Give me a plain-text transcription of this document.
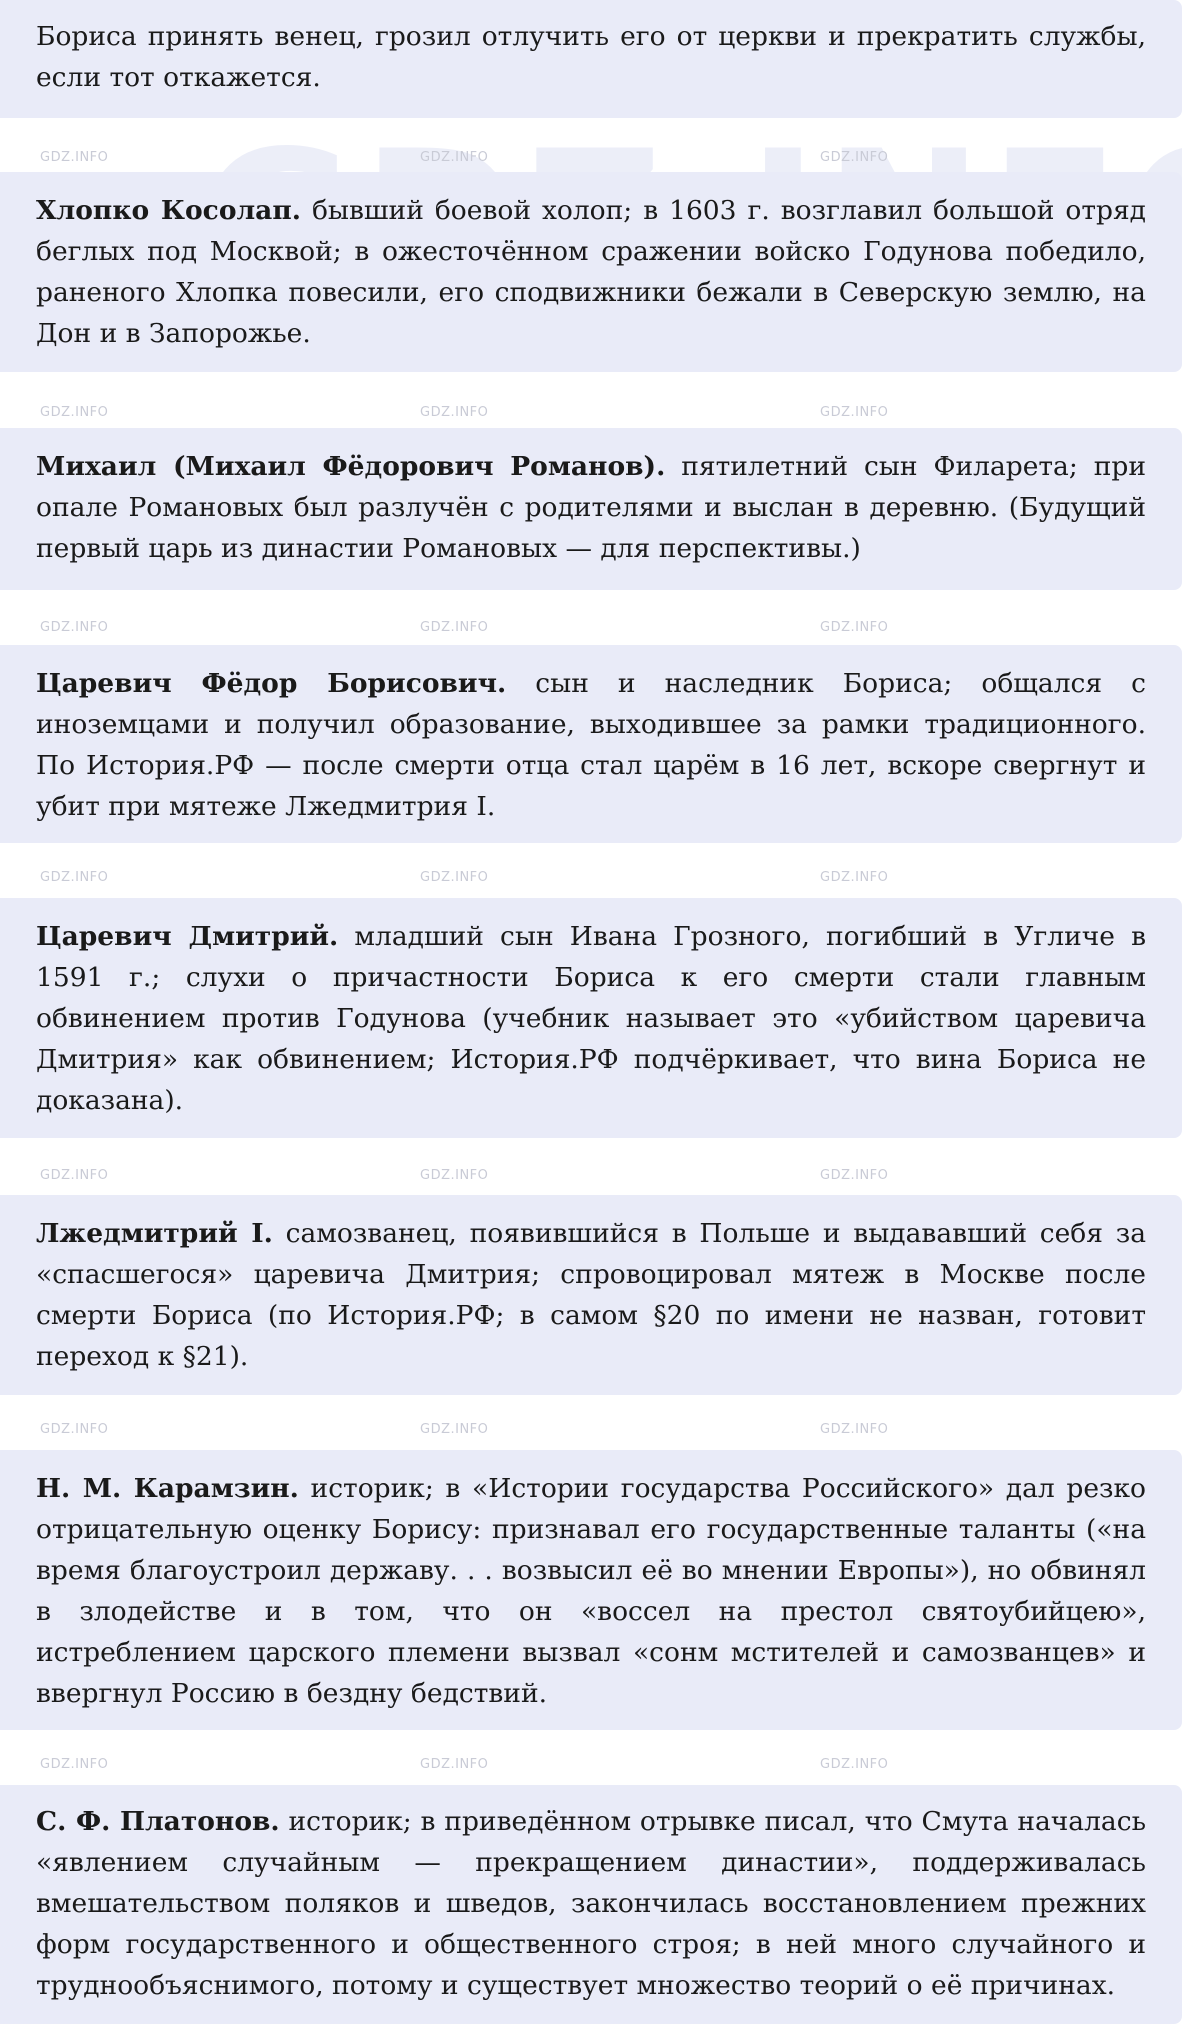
Бориса принять венец, грозил отлучить его от церкви и прекратить службы, если тот откажется.

Хлопко Косолап. бывший боевой холоп; в 1603 г. возглавил большой отряд беглых под Москвой; в ожесточённом сражении войско Годунова победило, раненого Хлопка повесили, его сподвижники бежали в Северскую землю, на Дон и в Запорожье.

Михаил (Михаил Фёдорович Романов). пятилетний сын Филарета; при опале Романовых был разлучён с родителями и выслан в деревню. (Будущий первый царь из династии Романовых — для перспективы.)

Царевич Фёдор Борисович. сын и наследник Бориса; общался с иноземцами и получил образование, выходившее за рамки традиционного. По История.РФ — после смерти отца стал царём в 16 лет, вскоре свергнут и убит при мятеже Лжедмитрия I.

Царевич Дмитрий. младший сын Ивана Грозного, погибший в Угличе в 1591 г.; слухи о причастности Бориса к его смерти стали главным обвинением против Годунова (учебник называет это «убийством царевича Дмитрия» как обвинением; История.РФ подчёркивает, что вина Бориса не доказана).

Лжедмитрий I. самозванец, появившийся в Польше и выдававший себя за «спасшегося» царевича Дмитрия; спровоцировал мятеж в Москве после смерти Бориса (по История.РФ; в самом §20 по имени не назван, готовит переход к §21).

Н. М. Карамзин. историк; в «Истории государства Российского» дал резко отрицательную оценку Борису: признавал его государственные таланты («на время благоустроил державу. . . возвысил её во мнении Европы»), но обвинял в злодействе и в том, что он «воссел на престол святоубийцею», истреблением царского племени вызвал «сонм мстителей и самозванцев» и ввергнул Россию в бездну бедствий.

С. Ф. Платонов. историк; в приведённом отрывке писал, что Смута началась «явлением случайным — прекращением династии», поддерживалась вмешательством поляков и шведов, закончилась восстановлением прежних форм государственного и общественного строя; в ней много случайного и труднообъяснимого, потому и существует множество теорий о её причинах.

GDZ.INFO	GDZ.INFO	GDZ.INFO
GDZ.INFO	GDZ.INFO	GDZ.INFO
GDZ.INFO	GDZ.INFO	GDZ.INFO
GDZ.INFO	GDZ.INFO	GDZ.INFO
GDZ.INFO	GDZ.INFO	GDZ.INFO
GDZ.INFO	GDZ.INFO	GDZ.INFO
GDZ.INFO	GDZ.INFO	GDZ.INFO
